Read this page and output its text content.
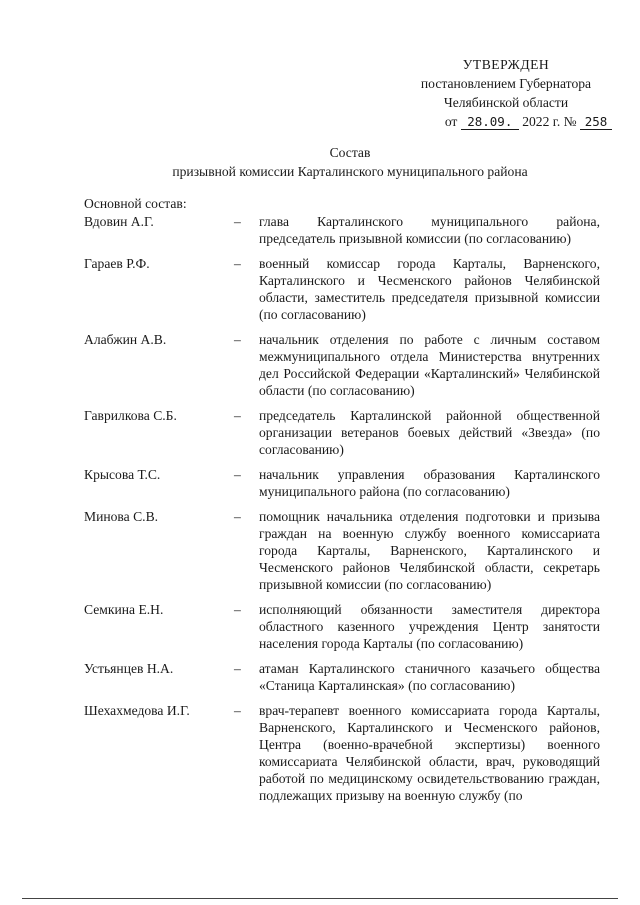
УТВЕРЖДЕН
постановлением Губернатора
Челябинской области
от 28.09. 2022 г. № 258
Состав
призывной комиссии Карталинского муниципального района
Основной состав:
Вдовин А.Г.	– глава Карталинского муниципального района, председатель призывной комиссии (по согласованию)
Гараев Р.Ф.	– военный комиссар города Карталы, Варненского, Карталинского и Чесменского районов Челябинской области, заместитель председателя призывной комиссии (по согласованию)
Алабжин А.В.	– начальник отделения по работе с личным составом межмуниципального отдела Министерства внутренних дел Российской Федерации «Карталинский» Челябинской области (по согласованию)
Гаврилкова С.Б.	– председатель Карталинской районной общественной организации ветеранов боевых действий «Звезда» (по согласованию)
Крысова Т.С.	– начальник управления образования Карталинского муниципального района (по согласованию)
Минова С.В.	– помощник начальника отделения подготовки и призыва граждан на военную службу военного комиссариата города Карталы, Варненского, Карталинского и Чесменского районов Челябинской области, секретарь призывной комиссии (по согласованию)
Семкина Е.Н.	– исполняющий обязанности заместителя директора областного казенного учреждения Центр занятости населения города Карталы (по согласованию)
Устьянцев Н.А.	– атаман Карталинского станичного казачьего общества «Станица Карталинская» (по согласованию)
Шехахмедова И.Г.	– врач-терапевт военного комиссариата города Карталы, Варненского, Карталинского и Чесменского районов, Центра (военно-врачебной экспертизы) военного комиссариата Челябинской области, врач, руководящий работой по медицинскому освидетельствованию граждан, подлежащих призыву на военную службу (по
